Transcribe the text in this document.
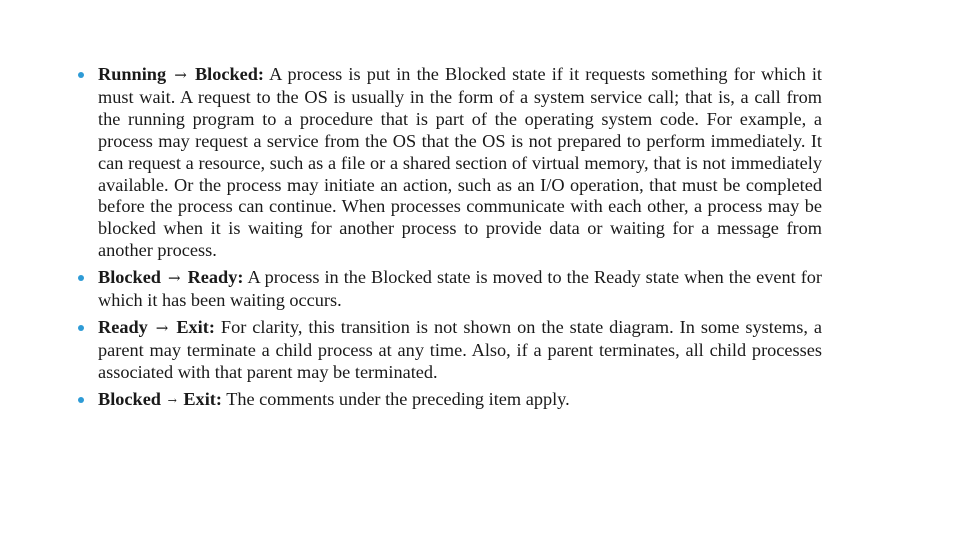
Running → Blocked: A process is put in the Blocked state if it requests something for which it must wait. A request to the OS is usually in the form of a system service call; that is, a call from the running program to a procedure that is part of the operating system code. For example, a process may request a service from the OS that the OS is not prepared to perform immediately. It can request a resource, such as a file or a shared section of virtual memory, that is not immediately available. Or the process may initiate an action, such as an I/O operation, that must be completed before the process can continue. When processes communicate with each other, a process may be blocked when it is waiting for another process to provide data or waiting for a message from another process.
Blocked → Ready: A process in the Blocked state is moved to the Ready state when the event for which it has been waiting occurs.
Ready → Exit: For clarity, this transition is not shown on the state diagram. In some systems, a parent may terminate a child process at any time. Also, if a parent terminates, all child processes associated with that parent may be terminated.
Blocked → Exit: The comments under the preceding item apply.
